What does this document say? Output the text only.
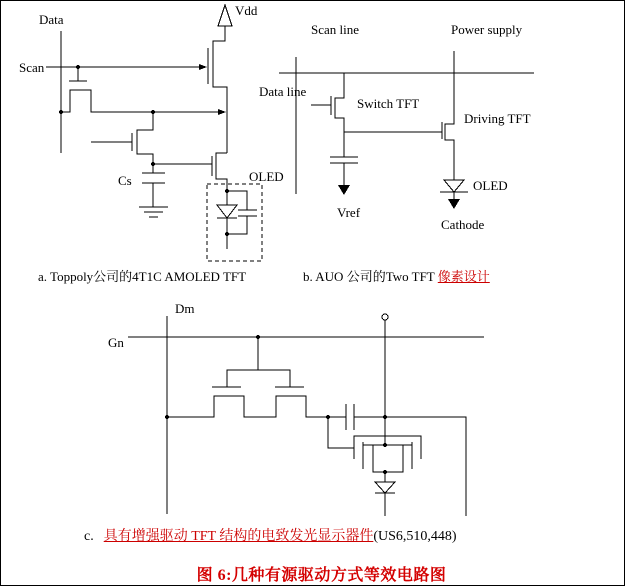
Data
Vdd
Scan
Cs	OLED
Scan line	Power supply
Data line
Switch TFT
Driving TFT
OLED
Vref
Cathode
Dm
Gn
a. Toppoly公司的4T1C AMOLED TFT	b. AUO 公司的Two TFT 像素设计
c. 具有增强驱动 TFT 结构的电致发光显示器件(US6,510,448)
图 6:几种有源驱动方式等效电路图
